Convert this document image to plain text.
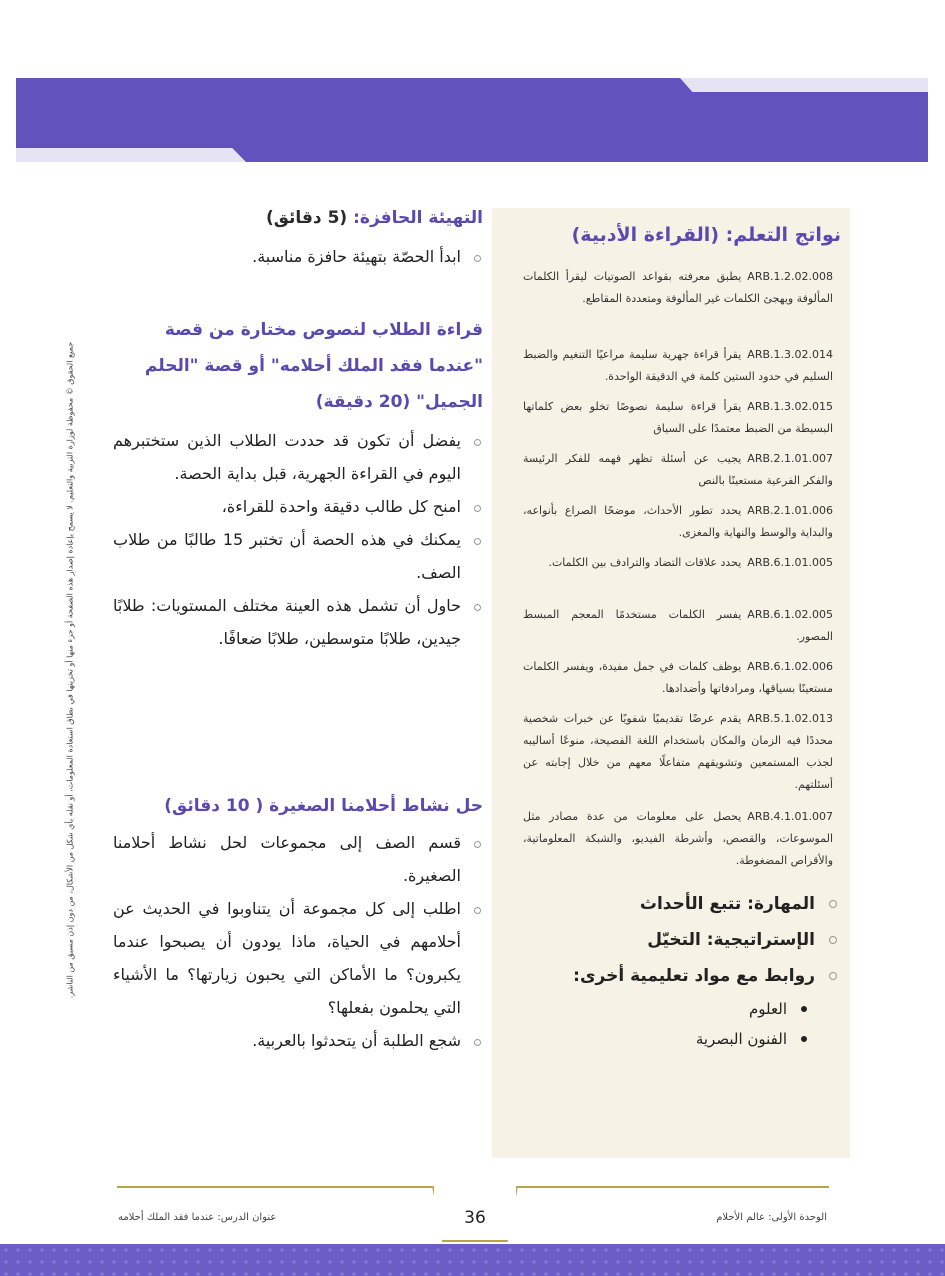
نواتج التعلم: (القراءة الأدبية)
ARB.1.2.02.008يطبق معرفته بقواعد الصوتيات ليقرأ الكلمات المألوفة ويهجئ الكلمات غير المألوفة ومتعددة المقاطع.
ARB.1.3.02.014يقرأ قراءة جهرية سليمة مراعيًا التنغيم والضبط السليم في حدود الستين كلمة في الدقيقة الواحدة.
ARB.1.3.02.015يقرأ قراءة سليمة نصوصًا تخلو بعض كلماتها البسيطة من الضبط معتمدًا على السياق
ARB.2.1.01.007يجيب عن أسئلة تظهر فهمه للفكر الرئيسة والفكر الفرعية مستعينًا بالنص
ARB.2.1.01.006يحدد تطور الأحداث، موضحًا الصراع بأنواعه، والبداية والوسط والنهاية والمغزى.
ARB.6.1.01.005يحدد علاقات التضاد والترادف بين الكلمات.
ARB.6.1.02.005يفسر الكلمات مستخدمًا المعجم المبسط المصور.
ARB.6.1.02.006يوظف كلمات في جمل مفيدة، ويفسر الكلمات مستعينًا بسياقها، ومرادفاتها وأضدادها.
ARB.5.1.02.013يقدم عرضًا تقديميًا شفويًا عن خبرات شخصية محددًا فيه الزمان والمكان باستخدام اللغة الفصيحة، منوعًا أساليبه لجذب المستمعين وتشويقهم متفاعلًا معهم من خلال إجابته عن أسئلتهم.
ARB.4.1.01.007يحصل على معلومات من عدة مصادر مثل الموسوعات، والقصص، وأشرطة الفيديو، والشبكة المعلوماتية، والأقراص المضغوطة.
المهارة: تتبع الأحداث
الإستراتيجية: التخيّل
روابط مع مواد تعليمية أخرى:
العلوم
الفنون البصرية
التهيئة الحافزة: (5 دقائق)
ابدأ الحصّة بتهيئة حافزة مناسبة.
قراءة الطلاب لنصوص مختارة من قصة "عندما فقد الملك أحلامه" أو قصة "الحلم الجميل" (20 دقيقة)
يفضل أن تكون قد حددت الطلاب الذين ستختبرهم اليوم في القراءة الجهرية، قبل بداية الحصة.
امنح كل طالب دقيقة واحدة للقراءة،
يمكنك في هذه الحصة أن تختبر 15 طالبًا من طلاب الصف.
حاول أن تشمل هذه العينة مختلف المستويات: طلابًا جيدين، طلابًا متوسطين، طلابًا ضعافًا.
حل نشاط أحلامنا الصغيرة ( 10 دقائق)
قسم الصف إلى مجموعات لحل نشاط أحلامنا الصغيرة.
اطلب إلى كل مجموعة أن يتناوبوا في الحديث عن أحلامهم في الحياة، ماذا يودون أن يصبحوا عندما يكبرون؟ ما الأماكن التي يحبون زيارتها؟ ما الأشياء التي يحلمون بفعلها؟
شجع الطلبة أن يتحدثوا بالعربية.
جميع الحقوق © محفوظة لوزارة التربية والتعليم. لا يسمح بإعادة إصدار هذه الصفحة أو جزء منها أو تخزينها في نطاق استعادة المعلومات، أو نقله بأي شكل من الأشكال، من دون إذن مسبق من الناشر.
36	الوحدة الأولى: عالم الأحلام
عنوان الدرس: عندما فقد الملك أحلامه
